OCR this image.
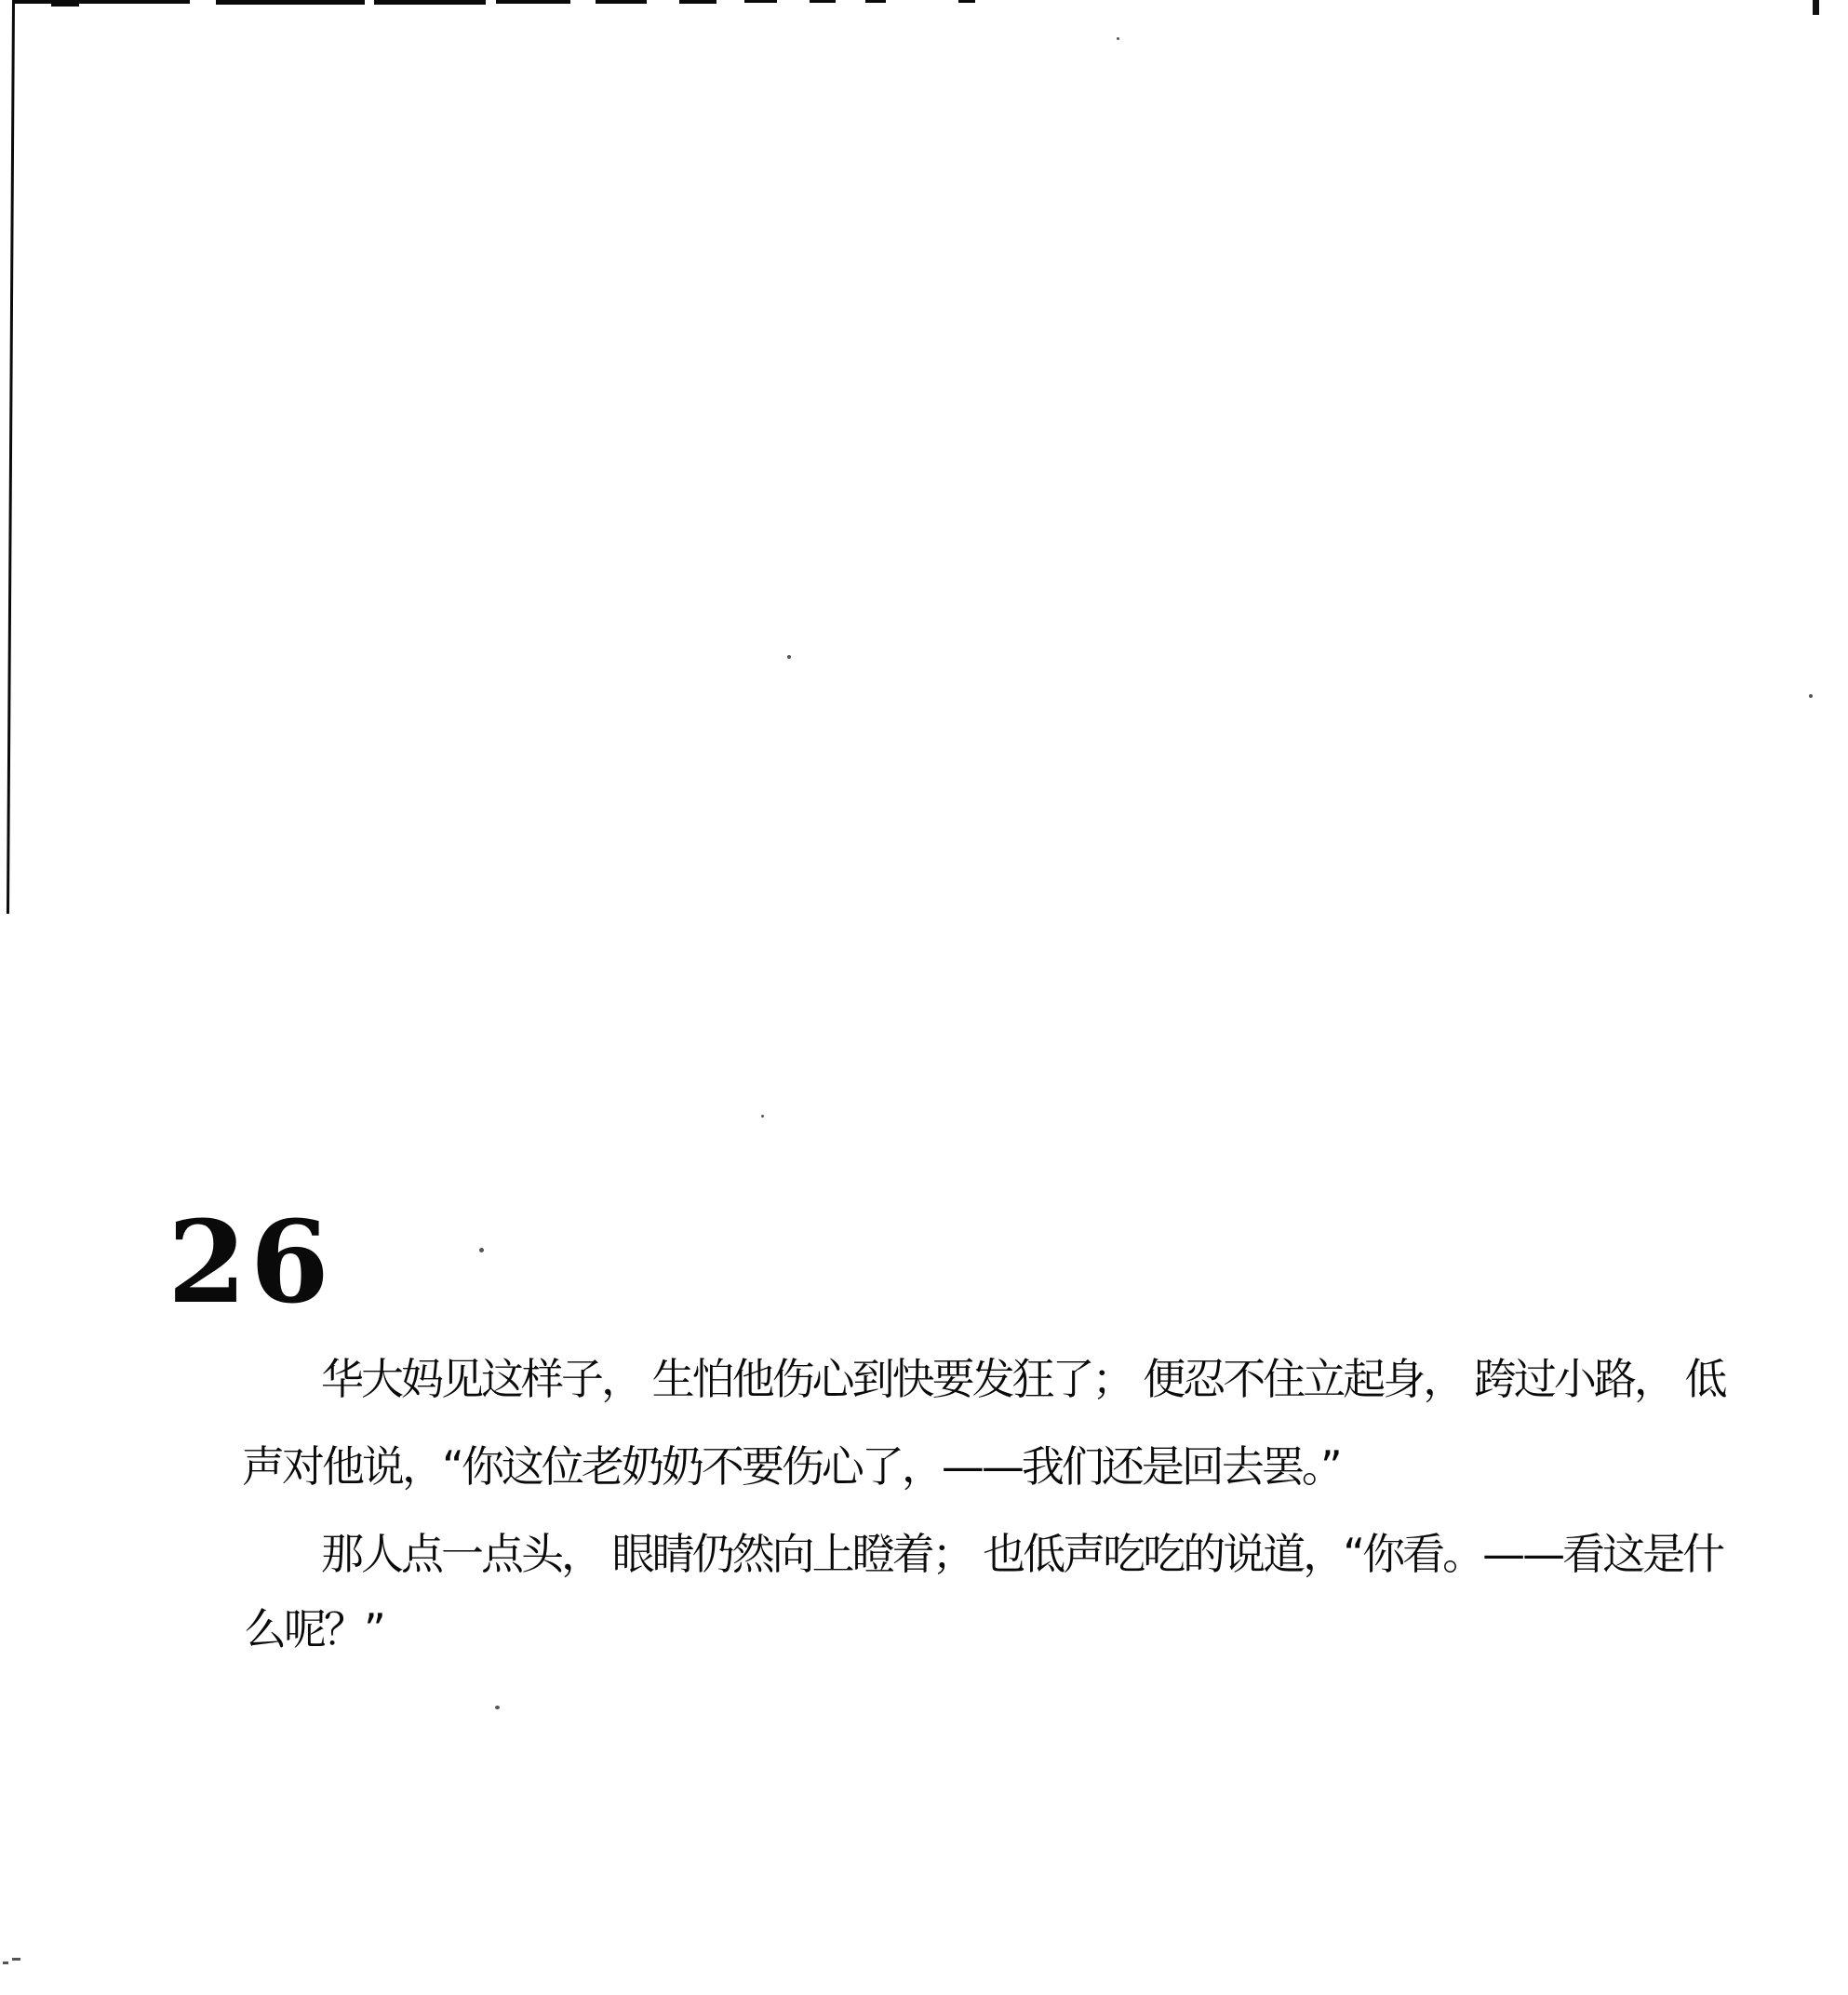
26
华大妈见这样子， 生怕他伤心到快要发狂了； 便忍不住立起身， 跨过小路， 低
声对他说，“你这位老奶奶不要伤心了，——我们还是回去罢。”
那人点一点头， 眼睛仍然向上瞪着； 也低声吃吃的说道，“你看。——看这是什
么呢？”
